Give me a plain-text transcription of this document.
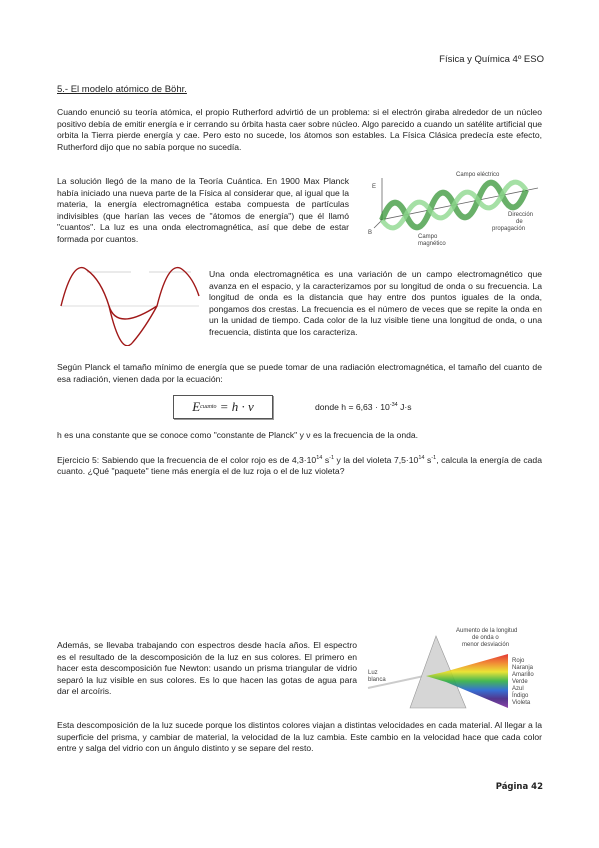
Física y Química 4º ESO
5.- El modelo atómico de Böhr.

Cuando enunció su teoría atómica, el propio Rutherford advirtió de un problema: si el electrón giraba alrededor de un núcleo positivo debía de emitir energía e ir cerrando su órbita hasta caer sobre núcleo. Algo parecido a cuando un satélite artificial que orbita la Tierra pierde energía y cae. Pero esto no sucede, los átomos son estables. La Física Clásica predecía este efecto, Rutherford dijo que no sabía porque no sucedía.

La solución llegó de la mano de la Teoría Cuántica. En 1900 Max Planck había iniciado una nueva parte de la Física al considerar que, al igual que la materia, la energía electromagnética estaba compuesta de partículas indivisibles (que harían las veces de "átomos de energía") que él llamó "cuantos". La luz es una onda electromagnética, así que debe de estar formada por cuantos.

E
B
Campo eléctrico
Campo
magnético
Dirección
de
propagación

Una onda electromagnética es una variación de un campo electromagnético que avanza en el espacio, y la caracterizamos por su longitud de onda o su frecuencia. La longitud de onda es la distancia que hay entre dos puntos iguales de la onda, pongamos dos crestas. La frecuencia es el número de veces que se repite la onda en un la unidad de tiempo. Cada color de la luz visible tiene una longitud de onda, o una frecuencia, distinta que los caracteriza.

Según Planck el tamaño mínimo de energía que se puede tomar de una radiación electromagnética, el tamaño del cuanto de esa radiación, vienen dada por la ecuación:

E cuanto
= h · ν	donde $h = 6,63 \cdot 10^{-34}$ J·s

h es una constante que se conoce como "constante de Planck" y ν es la frecuencia de la onda.

Ejercicio 5: Sabiendo que la frecuencia de el color rojo es de $4,3\cdot 10^{14}$ $s^{-1}$ y la del violeta $7,5\cdot 10^{14}$ $s^{-1}$, calcula la energía de cada cuanto. ¿Qué "paquete" tiene más energía el de luz roja o el de luz violeta?

Además, se llevaba trabajando con espectros desde hacía años. El espectro es el resultado de la descomposición de la luz en sus colores. El primero en hacer esta descomposición fue Newton: usando un prisma triangular de vidrio separó la luz visible en sus colores. Es lo que hacen las gotas de agua para dar el arcoíris.

Aumento de la longitud
de onda o
menor desviación
Luz
blanca
Rojo
Naranja
Amarillo
Verde
Azul
Índigo
Violeta

Esta descomposición de la luz sucede porque los distintos colores viajan a distintas velocidades en cada material. Al llegar a la superficie del prisma, y cambiar de material, la velocidad de la luz cambia. Este cambio en la velocidad hace que cada color entre y salga del vidrio con un ángulo distinto y se separe del resto.

Página 42
